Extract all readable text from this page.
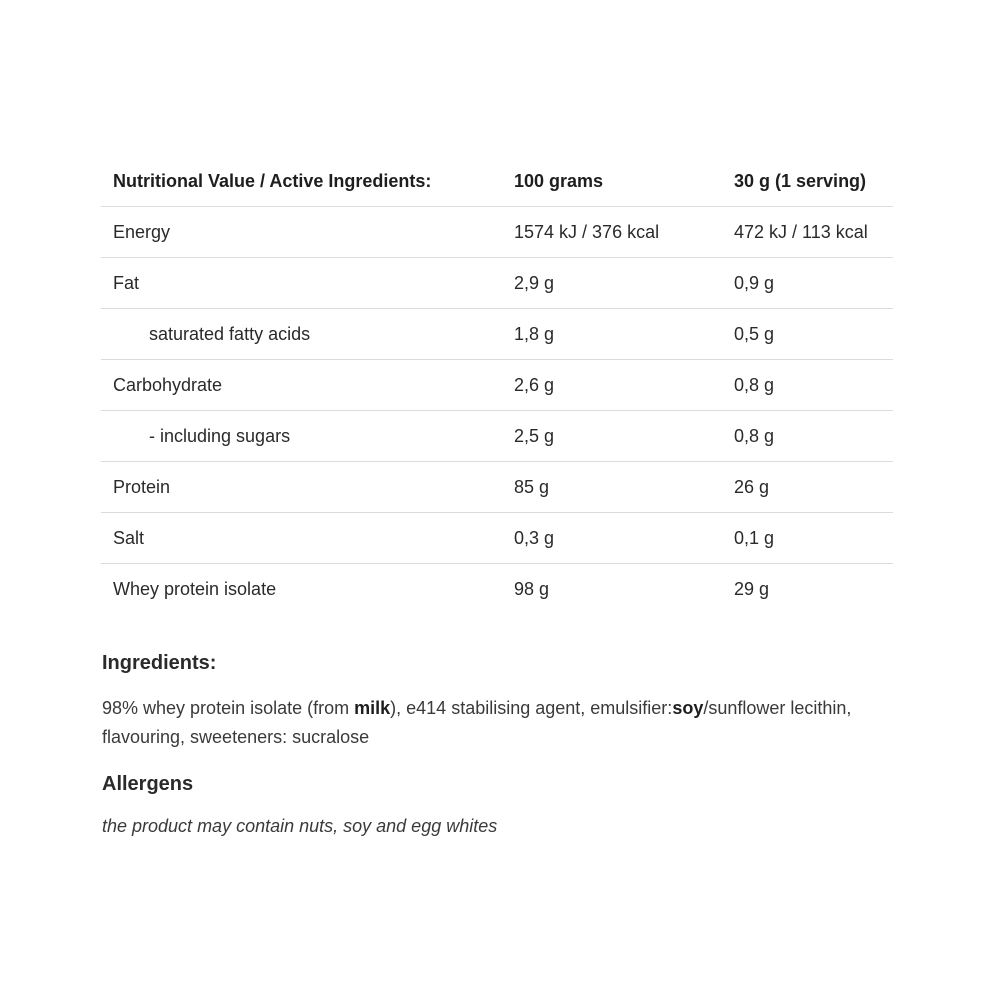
Nutritional Value / Active Ingredients:	100 grams	30 g (1 serving)
Energy	1574 kJ / 376 kcal	472 kJ / 113 kcal
Fat	2,9 g	0,9 g
saturated fatty acids	1,8 g	0,5 g
Carbohydrate	2,6 g	0,8 g
- including sugars	2,5 g	0,8 g
Protein	85 g	26 g
Salt	0,3 g	0,1 g
Whey protein isolate	98 g	29 g
Ingredients:

98% whey protein isolate (from milk), e414 stabilising agent, emulsifier:soy/sunflower lecithin, flavouring, sweeteners: sucralose

Allergens

the product may contain nuts, soy and egg whites
